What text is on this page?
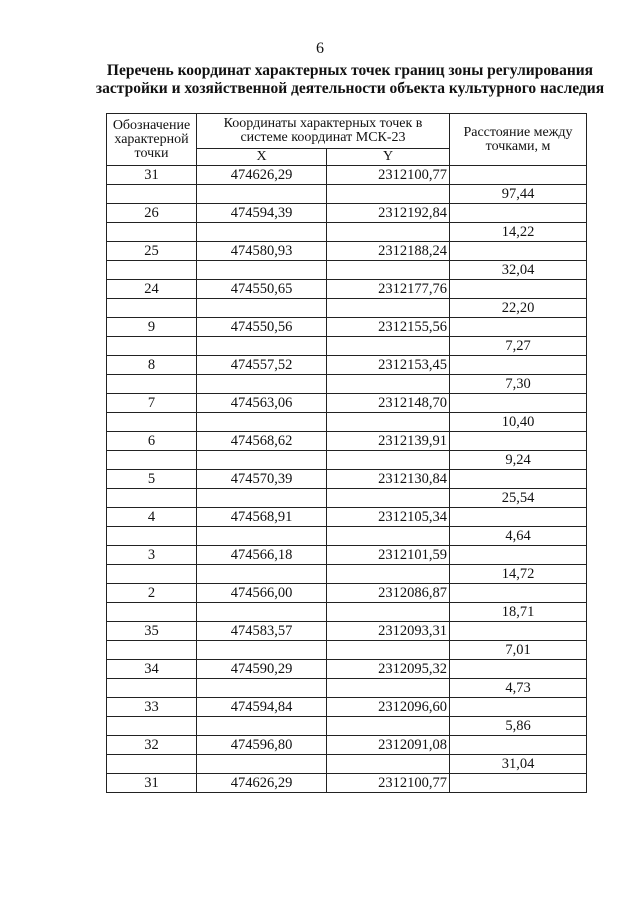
6
Перечень координат характерных точек границ зоны регулирования
застройки и хозяйственной деятельности объекта культурного наследия
Обозначение характерной точки	Координаты характерных точек в системе координат МСК-23		Расстояние между точками, м
	X	Y	
31	474626,29	2312100,77	
			97,44
26	474594,39	2312192,84	
			14,22
25	474580,93	2312188,24	
			32,04
24	474550,65	2312177,76	
			22,20
9	474550,56	2312155,56	
			7,27
8	474557,52	2312153,45	
			7,30
7	474563,06	2312148,70	
			10,40
6	474568,62	2312139,91	
			9,24
5	474570,39	2312130,84	
			25,54
4	474568,91	2312105,34	
			4,64
3	474566,18	2312101,59	
			14,72
2	474566,00	2312086,87	
			18,71
35	474583,57	2312093,31	
			7,01
34	474590,29	2312095,32	
			4,73
33	474594,84	2312096,60	
			5,86
32	474596,80	2312091,08	
			31,04
31	474626,29	2312100,77	
